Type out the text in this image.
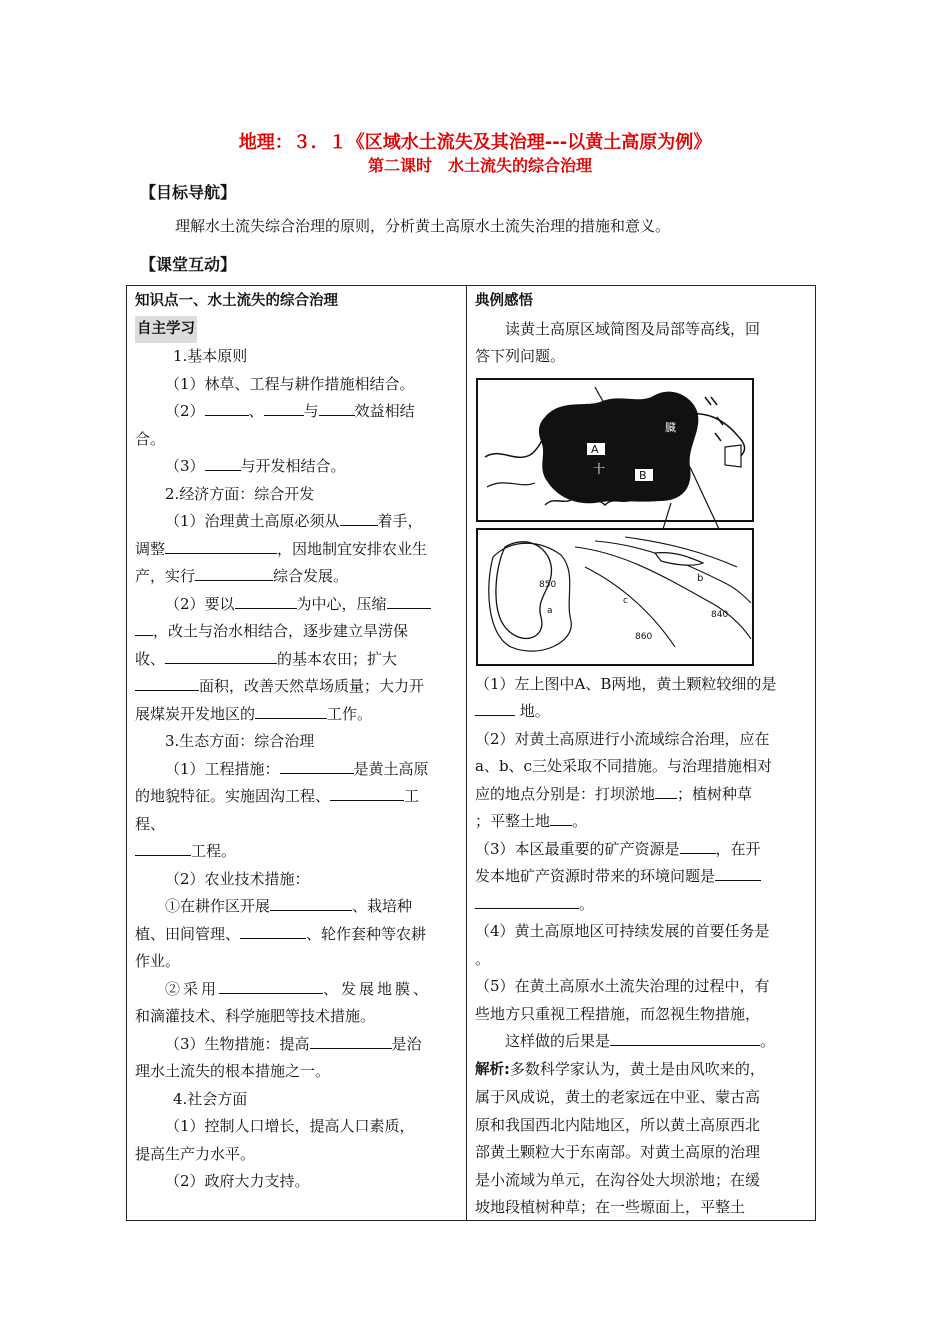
地理：３．１《区域水土流失及其治理---以黄土高原为例》
第二课时　水土流失的综合治理
【目标导航】
理解水土流失综合治理的原则，分析黄土高原水土流失治理的措施和意义。
【课堂互动】
知识点一、水土流失的综合治理
自主学习
1.基本原则
（1）林草、工程与耕作措施相结合。
（2）	、	与 效益相结
合。
（3） 与开发相结合。
2.经济方面：综合开发
（1）治理黄土高原必须从	着手，
调整	，因地制宜安排农业生
产，实行	综合发展。
（2）要以	为中心，压缩
，改土与治水相结合，逐步建立旱涝保
收、	的基本农田；扩大
面积，改善天然草场质量；大力开
展煤炭开发地区的	工作。
3.生态方面：综合治理
（1）工程措施：	是黄土高原
的地貌特征。实施固沟工程、	工
程、
工程。
（2）农业技术措施：
①在耕作区开展	、栽培种
植、田间管理、	、轮作套种等农耕
作业。
②采用	、发展地膜、
和滴灌技术、科学施肥等技术措施。
（3）生物措施：提高	是治
理水土流失的根本措施之一。
4.社会方面
（1）控制人口增长，提高人口素质，
提高生产力水平。
（2）政府大力支持。
典例感悟
读黄土高原区域简图及局部等高线，回
答下列问题。
A
B
十
臓
850
840
860
a
b
c
（1）左上图中A、B两地，黄土颗粒较细的是
地。
（2）对黄土高原进行小流域综合治理，应在
a、b、c三处采取不同措施。与治理措施相对
应的地点分别是：打坝淤地 ；植树种草
；平整土地 。
（3）本区最重要的矿产资源是 ，在开
发本地矿产资源时带来的环境问题是
。
（4）黄土高原地区可持续发展的首要任务是
。
（5）在黄土高原水土流失治理的过程中，有
些地方只重视工程措施，而忽视生物措施，
这样做的后果是	。
解析:多数科学家认为，黄土是由风吹来的，
属于风成说，黄土的老家远在中亚、蒙古高
原和我国西北内陆地区，所以黄土高原西北
部黄土颗粒大于东南部。对黄土高原的治理
是小流域为单元，在沟谷处大坝淤地；在缓
坡地段植树种草；在一些塬面上，平整土
